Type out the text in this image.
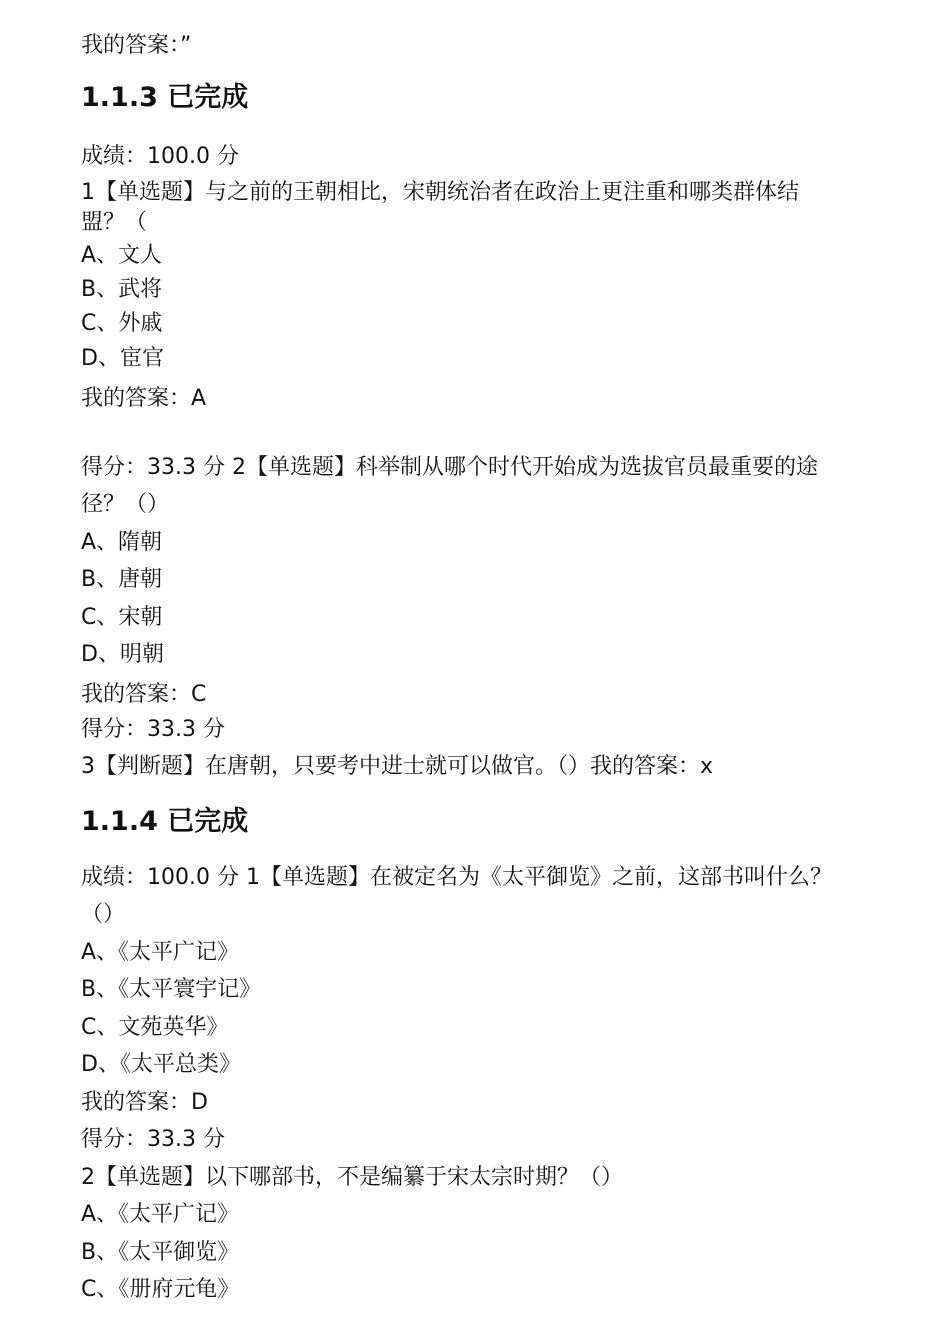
我的答案：”

1.1.3 已完成

成绩：100.0 分

1【单选题】与之前的王朝相比，宋朝统治者在政治上更注重和哪类群体结

盟？（

A、文人

B、武将

C、外戚

D、宦官

我的答案：A

得分：33.3 分 2【单选题】科举制从哪个时代开始成为选拔官员最重要的途

径？（）

A、隋朝

B、唐朝

C、宋朝

D、明朝

我的答案：C

得分：33.3 分

3【判断题】在唐朝，只要考中进士就可以做官。（）我的答案：x

1.1.4 已完成

成绩：100.0 分 1【单选题】在被定名为《太平御览》之前，这部书叫什么？

（）

A、《太平广记》

B、《太平寰宇记》

C、文苑英华》

D、《太平总类》

我的答案：D

得分：33.3 分

2【单选题】以下哪部书，不是编纂于宋太宗时期？（）

A、《太平广记》

B、《太平御览》

C、《册府元龟》
